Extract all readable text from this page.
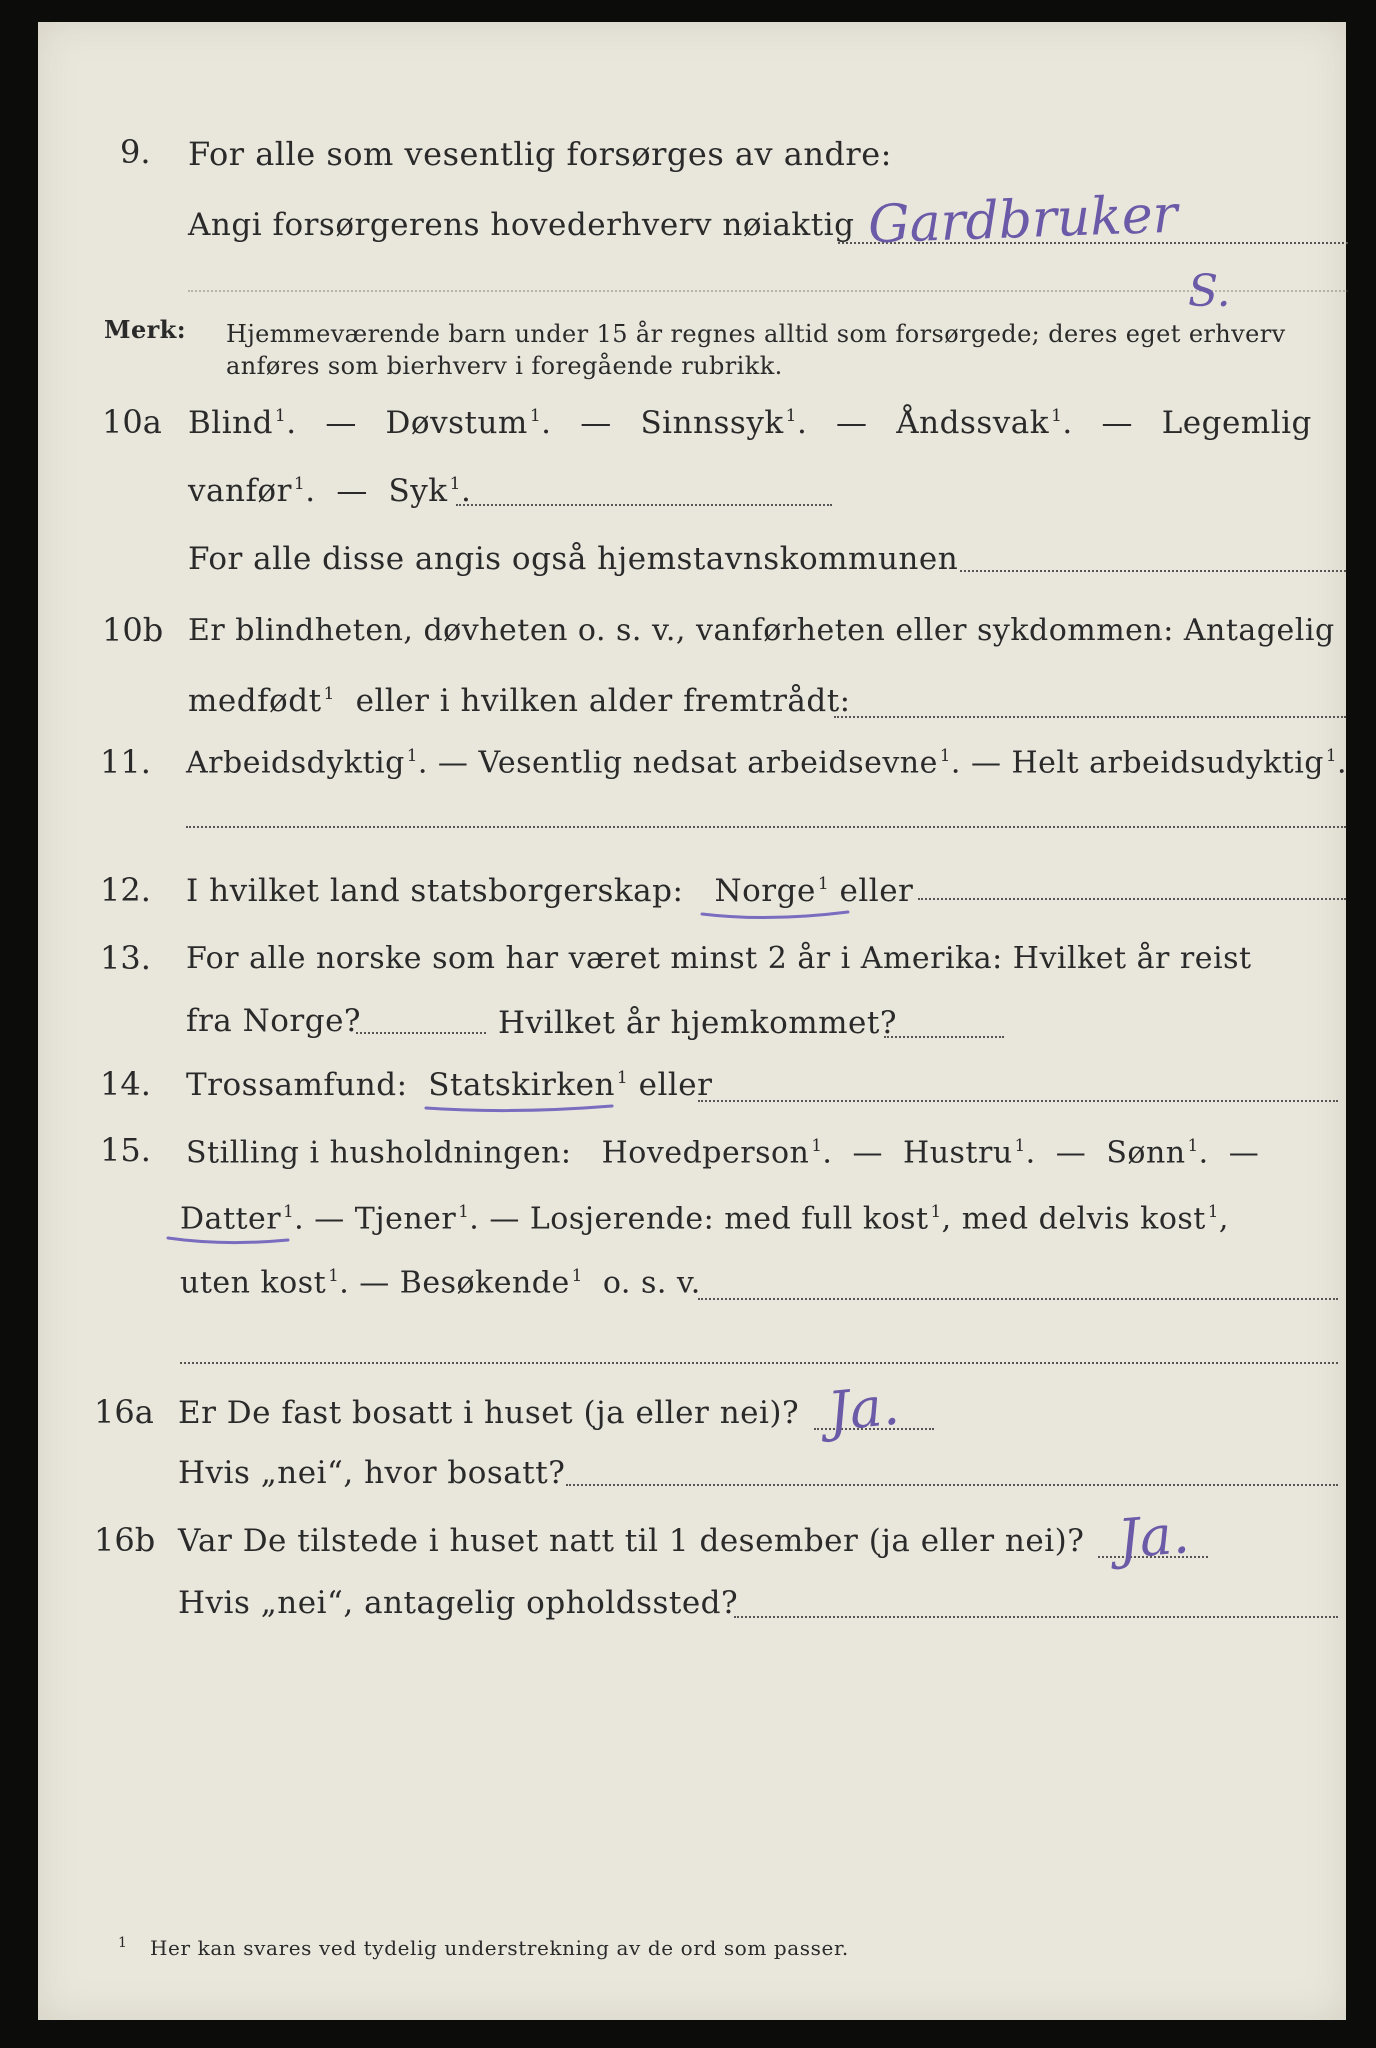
9. For alle som vesentlig forsørges av andre:
Angi forsørgerens hovederhverv nøiaktig Gardbruker
S.
Merk: Hjemmeværende barn under 15 år regnes alltid som forsørgede; deres eget erhverv
anføres som bierhverv i foregående rubrikk.
10a Blind $^1$.  —  Døvstum $^1$.  —  Sinnssyk $^1$.  —  Åndssvak $^1$.  —  Legemlig
vanfør $^1$.  —  Syk $^1$.
For alle disse angis også hjemstavnskommunen
10b Er blindheten, døvheten o. s. v., vanførheten eller sykdommen: Antagelig
medfødt $^1$ eller i hvilken alder fremtrådt:
11. Arbeidsdyktig $^1$. — Vesentlig nedsat arbeidsevne $^1$. — Helt arbeidsudyktig $^1$.
12. I hvilket land statsborgerskap: Norge $^1$ eller
13. For alle norske som har været minst 2 år i Amerika: Hvilket år reist
fra Norge?	Hvilket år hjemkommet?
14. Trossamfund: Statskirken $^1$ eller
15. Stilling i husholdningen: Hovedperson $^1$.  —  Hustru $^1$.  —  Sønn $^1$.  —
Datter $^1$. — Tjener $^1$. — Losjerende: med full kost $^1$, med delvis kost $^1$,
uten kost $^1$. — Besøkende $^1$ o. s. v.
16a Er De fast bosatt i huset (ja eller nei)? Ja.
Hvis „nei“, hvor bosatt?
16b Var De tilstede i huset natt til 1 desember (ja eller nei)? Ja.
Hvis „nei“, antagelig opholdssted?
1 Her kan svares ved tydelig understrekning av de ord som passer.
